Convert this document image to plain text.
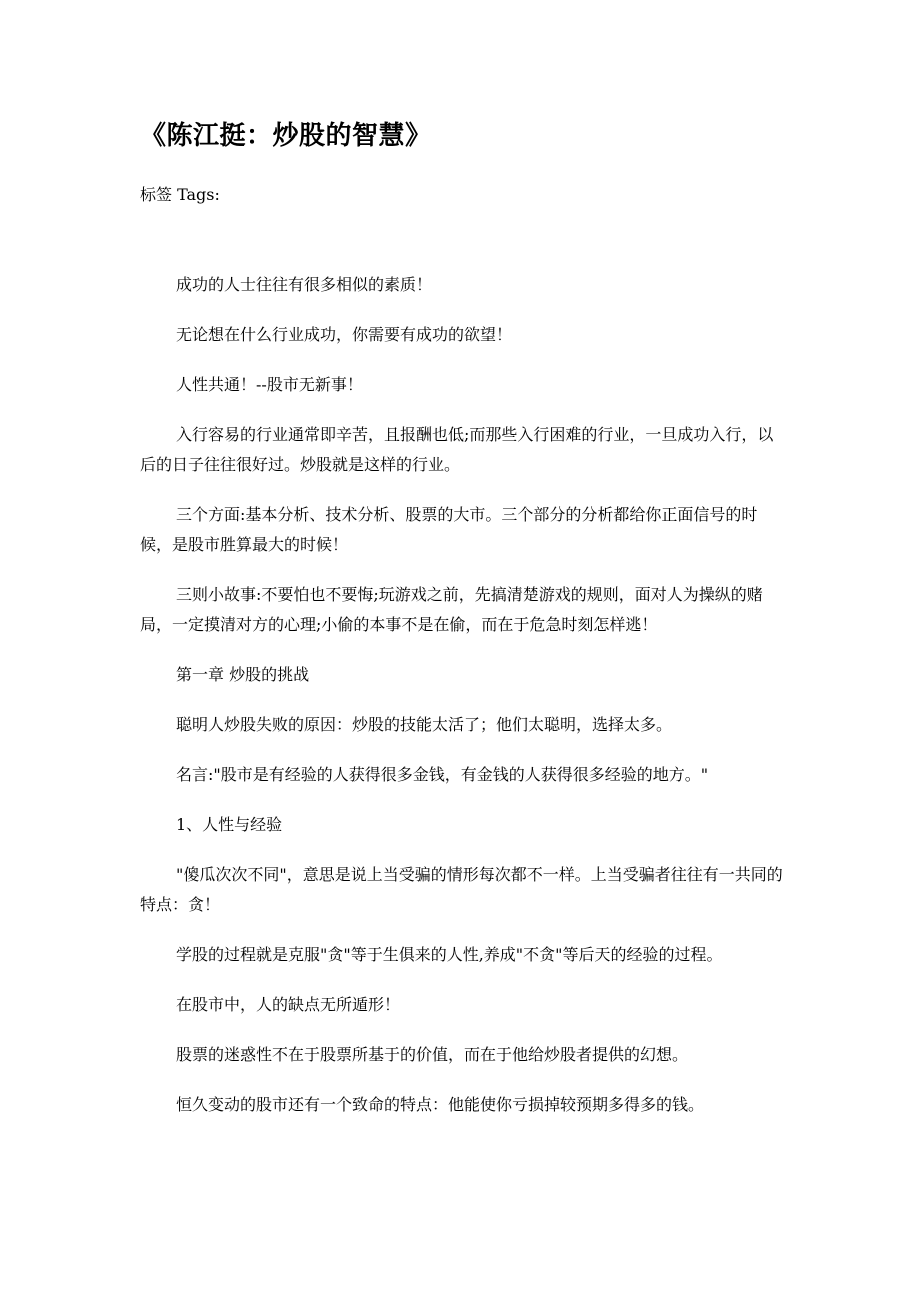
《陈江挺：炒股的智慧》
标签 Tags:

成功的人士往往有很多相似的素质！

无论想在什么行业成功，你需要有成功的欲望！

人性共通！--股市无新事！

入行容易的行业通常即辛苦，且报酬也低;而那些入行困难的行业，一旦成功入行，以后的日子往往很好过。炒股就是这样的行业。

三个方面:基本分析、技术分析、股票的大市。三个部分的分析都给你正面信号的时候，是股市胜算最大的时候！

三则小故事:不要怕也不要悔;玩游戏之前，先搞清楚游戏的规则，面对人为操纵的赌局，一定摸清对方的心理;小偷的本事不是在偷，而在于危急时刻怎样逃！

第一章 炒股的挑战

聪明人炒股失败的原因：炒股的技能太活了；他们太聪明，选择太多。

名言:"股市是有经验的人获得很多金钱，有金钱的人获得很多经验的地方。"

1、人性与经验

"傻瓜次次不同"，意思是说上当受骗的情形每次都不一样。上当受骗者往往有一共同的特点：贪！

学股的过程就是克服"贪"等于生俱来的人性,养成"不贪"等后天的经验的过程。

在股市中，人的缺点无所遁形！

股票的迷惑性不在于股票所基于的价值，而在于他给炒股者提供的幻想。

恒久变动的股市还有一个致命的特点：他能使你亏损掉较预期多得多的钱。
